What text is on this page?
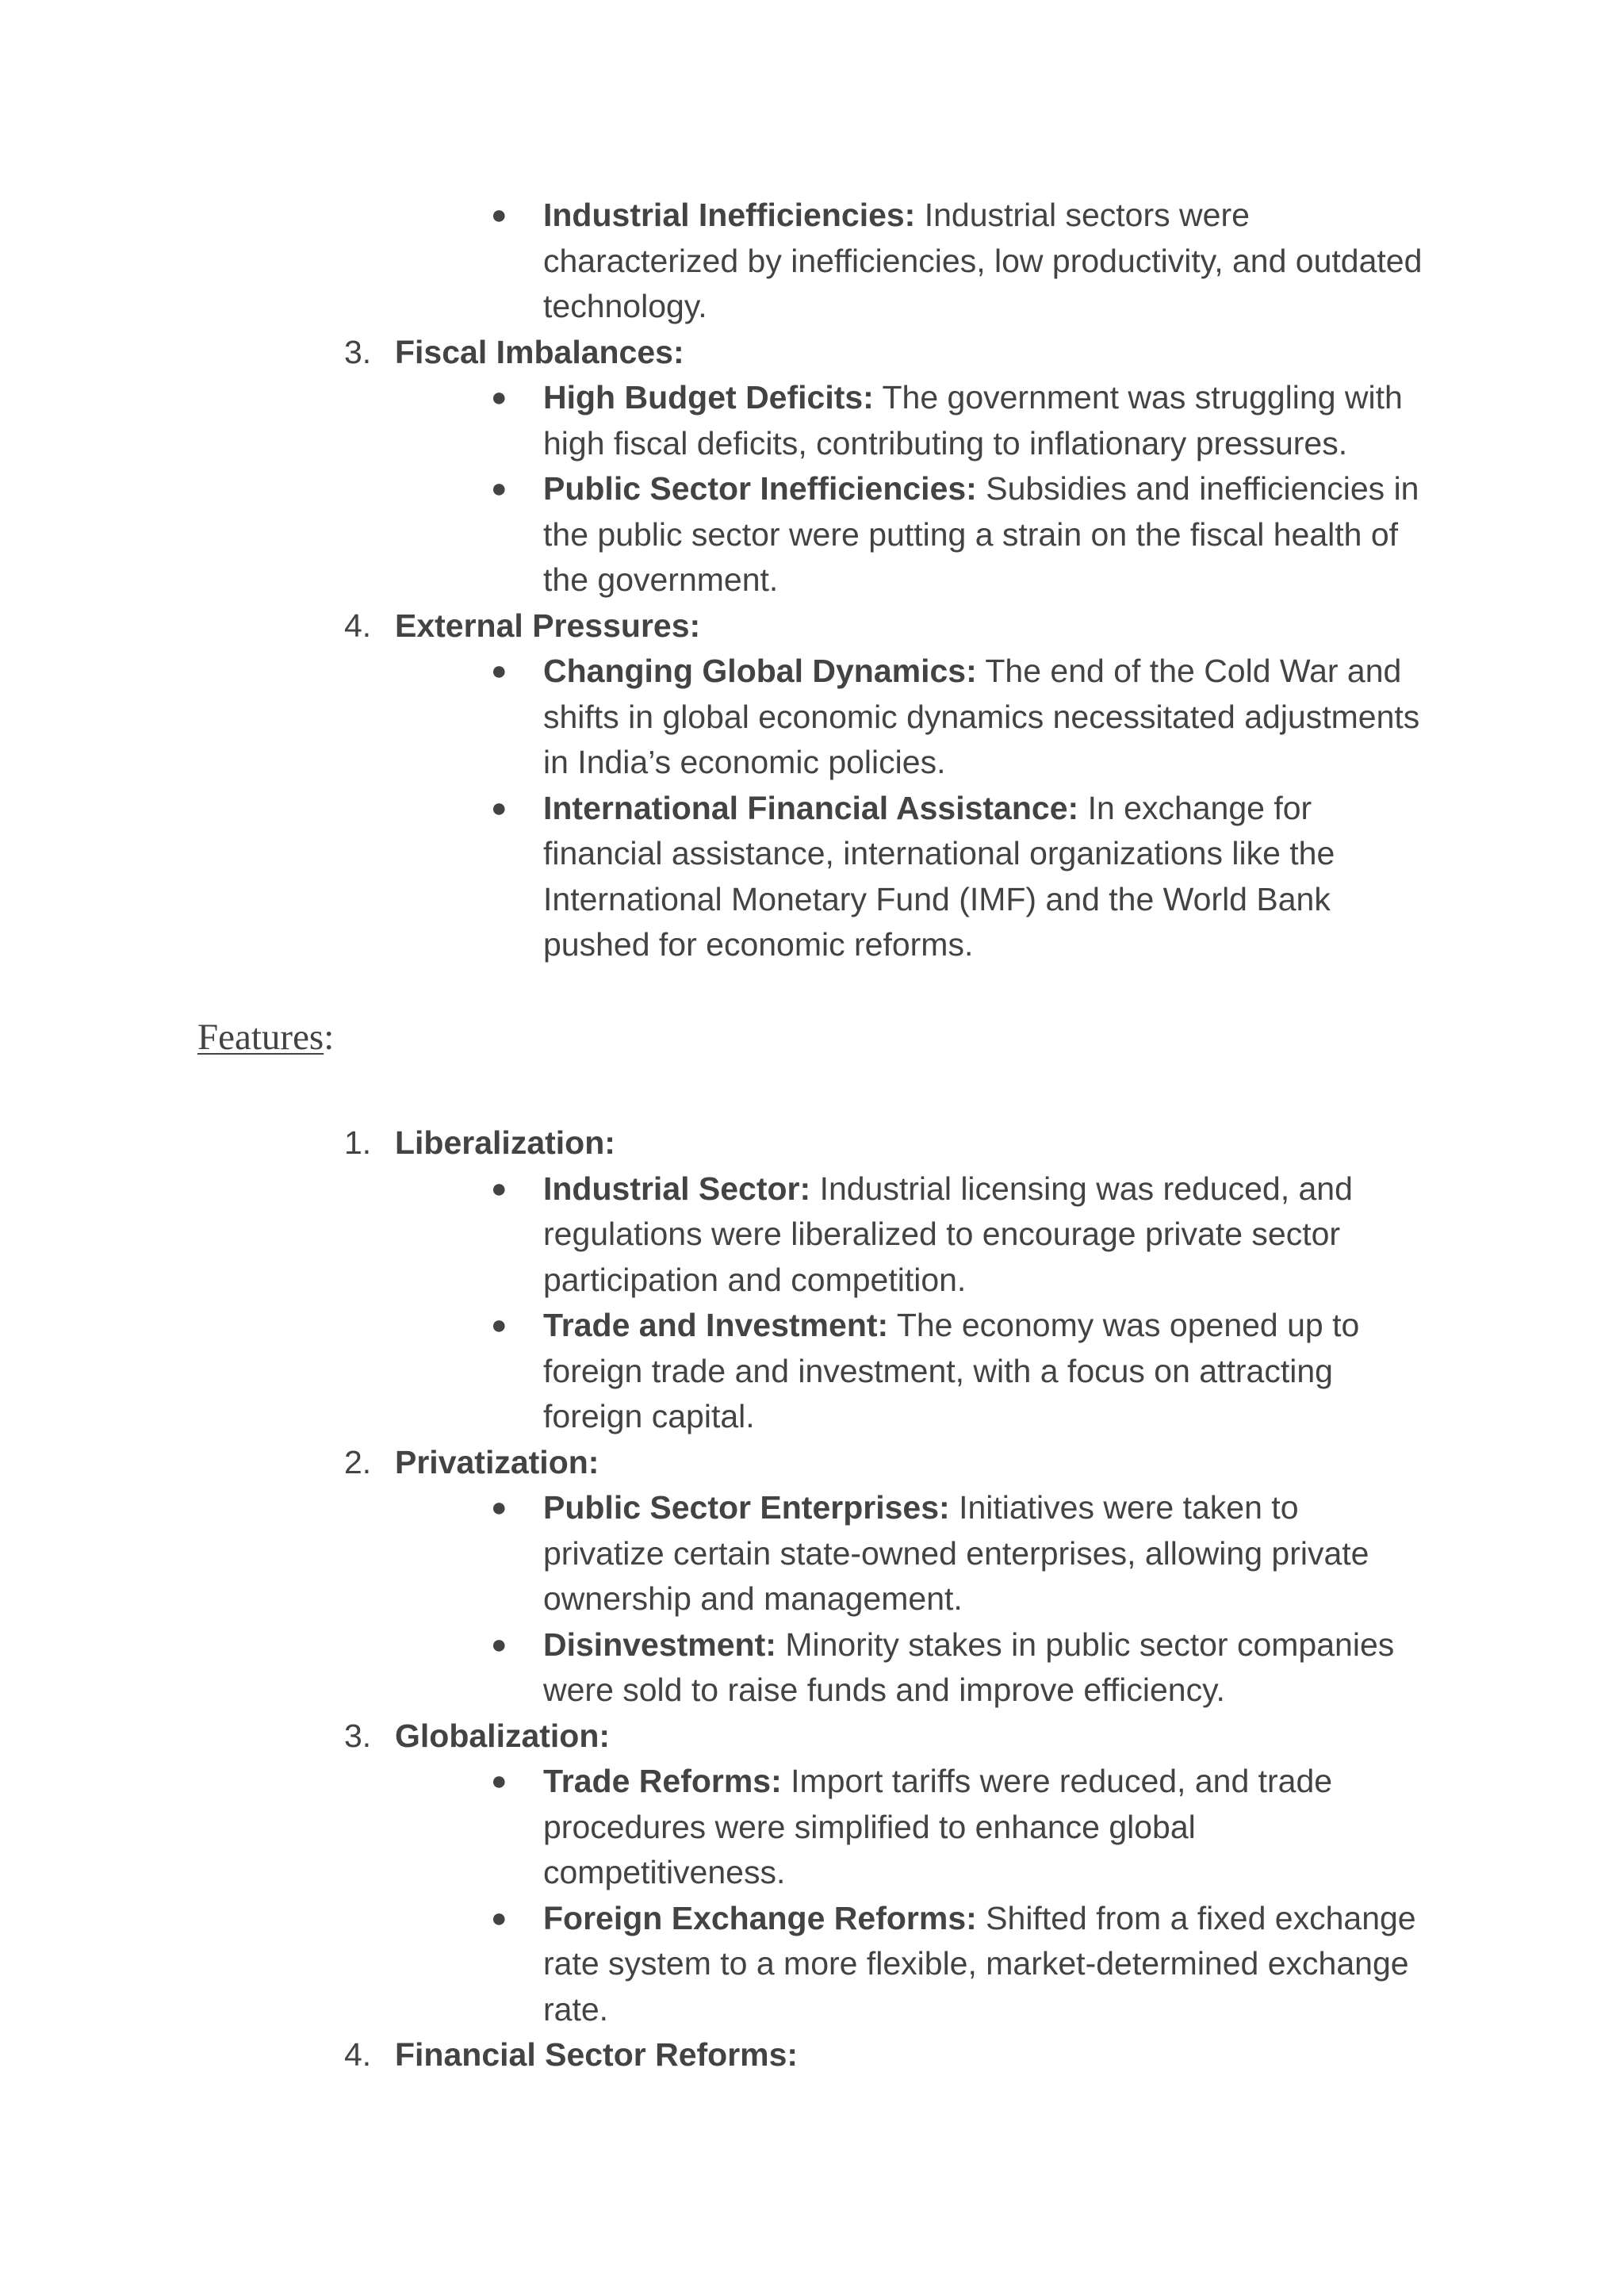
● Industrial Inefficiencies: Industrial sectors were characterized by inefficiencies, low productivity, and outdated technology.
3. Fiscal Imbalances:
● High Budget Deficits: The government was struggling with high fiscal deficits, contributing to inflationary pressures.
● Public Sector Inefficiencies: Subsidies and inefficiencies in the public sector were putting a strain on the fiscal health of the government.
4. External Pressures:
● Changing Global Dynamics: The end of the Cold War and shifts in global economic dynamics necessitated adjustments in India’s economic policies.
● International Financial Assistance: In exchange for financial assistance, international organizations like the International Monetary Fund (IMF) and the World Bank pushed for economic reforms.
Features:
1. Liberalization:
● Industrial Sector: Industrial licensing was reduced, and regulations were liberalized to encourage private sector participation and competition.
● Trade and Investment: The economy was opened up to foreign trade and investment, with a focus on attracting foreign capital.
2. Privatization:
● Public Sector Enterprises: Initiatives were taken to privatize certain state-owned enterprises, allowing private ownership and management.
● Disinvestment: Minority stakes in public sector companies were sold to raise funds and improve efficiency.
3. Globalization:
● Trade Reforms: Import tariffs were reduced, and trade procedures were simplified to enhance global competitiveness.
● Foreign Exchange Reforms: Shifted from a fixed exchange rate system to a more flexible, market-determined exchange rate.
4. Financial Sector Reforms:
